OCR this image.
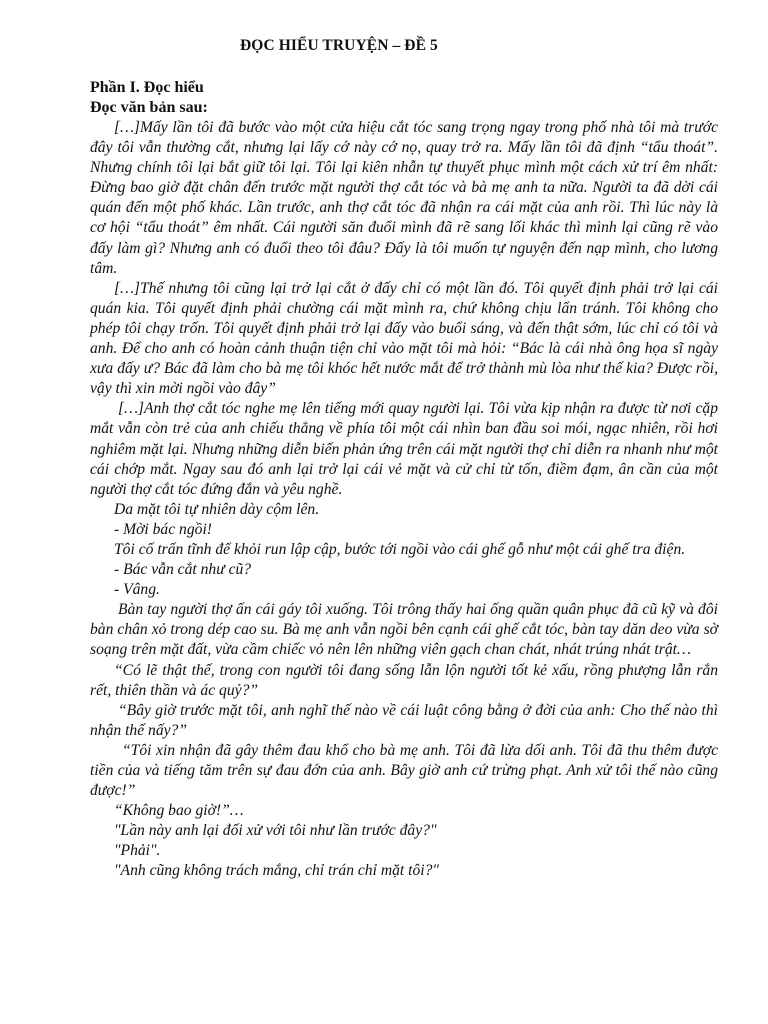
ĐỌC HIỂU TRUYỆN – ĐỀ 5
Phần I. Đọc hiểu
Đọc văn bản sau:

[…]Mấy lần tôi đã bước vào một cửa hiệu cắt tóc sang trọng ngay trong phố nhà tôi mà trước đây tôi vẫn thường cắt, nhưng lại lấy cớ này cớ nọ, quay trở ra. Mấy lần tôi đã định “tẩu thoát”. Nhưng chính tôi lại bắt giữ tôi lại. Tôi lại kiên nhẫn tự thuyết phục mình một cách xử trí êm nhất: Đừng bao giờ đặt chân đến trước mặt người thợ cắt tóc và bà mẹ anh ta nữa. Người ta đã dời cái quán đến một phố khác. Lần trước, anh thợ cắt tóc đã nhận ra cái mặt của anh rồi. Thì lúc này là cơ hội “tẩu thoát” êm nhất. Cái người săn đuổi mình đã rẽ sang lối khác thì mình lại cũng rẽ vào đấy làm gì? Nhưng anh có đuổi theo tôi đâu? Đấy là tôi muốn tự nguyện đến nạp mình, cho lương tâm.

[…]Thế nhưng tôi cũng lại trở lại cắt ở đấy chỉ có một lần đó. Tôi quyết định phải trở lại cái quán kia. Tôi quyết định phải chường cái mặt mình ra, chứ không chịu lẩn tránh. Tôi không cho phép tôi chạy trốn. Tôi quyết định phải trở lại đấy vào buổi sáng, và đến thật sớm, lúc chỉ có tôi và anh. Để cho anh có hoàn cảnh thuận tiện chỉ vào mặt tôi mà hỏi: “Bác là cái nhà ông họa sĩ ngày xưa đấy ư? Bác đã làm cho bà mẹ tôi khóc hết nước mắt để trở thành mù lòa như thế kia? Được rồi, vậy thì xin mời ngồi vào đây”

[…]Anh thợ cắt tóc nghe mẹ lên tiếng mới quay người lại. Tôi vừa kịp nhận ra được từ nơi cặp mắt vẫn còn trẻ của anh chiếu thẳng về phía tôi một cái nhìn ban đầu soi mói, ngạc nhiên, rồi hơi nghiêm mặt lại. Nhưng những diễn biến phản ứng trên cái mặt người thợ chỉ diễn ra nhanh như một cái chớp mắt. Ngay sau đó anh lại trở lại cái vẻ mặt và cử chỉ từ tốn, điềm đạm, ân cần của một người thợ cắt tóc đứng đắn và yêu nghề.

Da mặt tôi tự nhiên dày cộm lên.

- Mời bác ngồi!

Tôi cố trấn tĩnh để khỏi run lập cập, bước tới ngồi vào cái ghế gỗ như một cái ghế tra điện.

- Bác vẫn cắt như cũ?

- Vâng.

Bàn tay người thợ ấn cái gáy tôi xuống. Tôi trông thấy hai ống quần quân phục đã cũ kỹ và đôi bàn chân xỏ trong dép cao su. Bà mẹ anh vẫn ngồi bên cạnh cái ghế cắt tóc, bàn tay dăn deo vừa sờ soạng trên mặt đất, vừa cầm chiếc vỏ nên lên những viên gạch chan chát, nhát trúng nhát trật…

“Có lẽ thật thế, trong con người tôi đang sống lẫn lộn người tốt kẻ xấu, rồng phượng lẫn rắn rết, thiên thần và ác quỷ?”

“Bây giờ trước mặt tôi, anh nghĩ thế nào về cái luật công bằng ở đời của anh: Cho thế nào thì nhận thế nấy?”

“Tôi xin nhận đã gây thêm đau khổ cho bà mẹ anh. Tôi đã lừa dối anh. Tôi đã thu thêm được tiền của và tiếng tăm trên sự đau đớn của anh. Bây giờ anh cứ trừng phạt. Anh xử tôi thế nào cũng được!”

“Không bao giờ!”…

"Lần này anh lại đối xử với tôi như lần trước đây?"

"Phải".

"Anh cũng không trách mắng, chỉ trán chỉ mặt tôi?"
